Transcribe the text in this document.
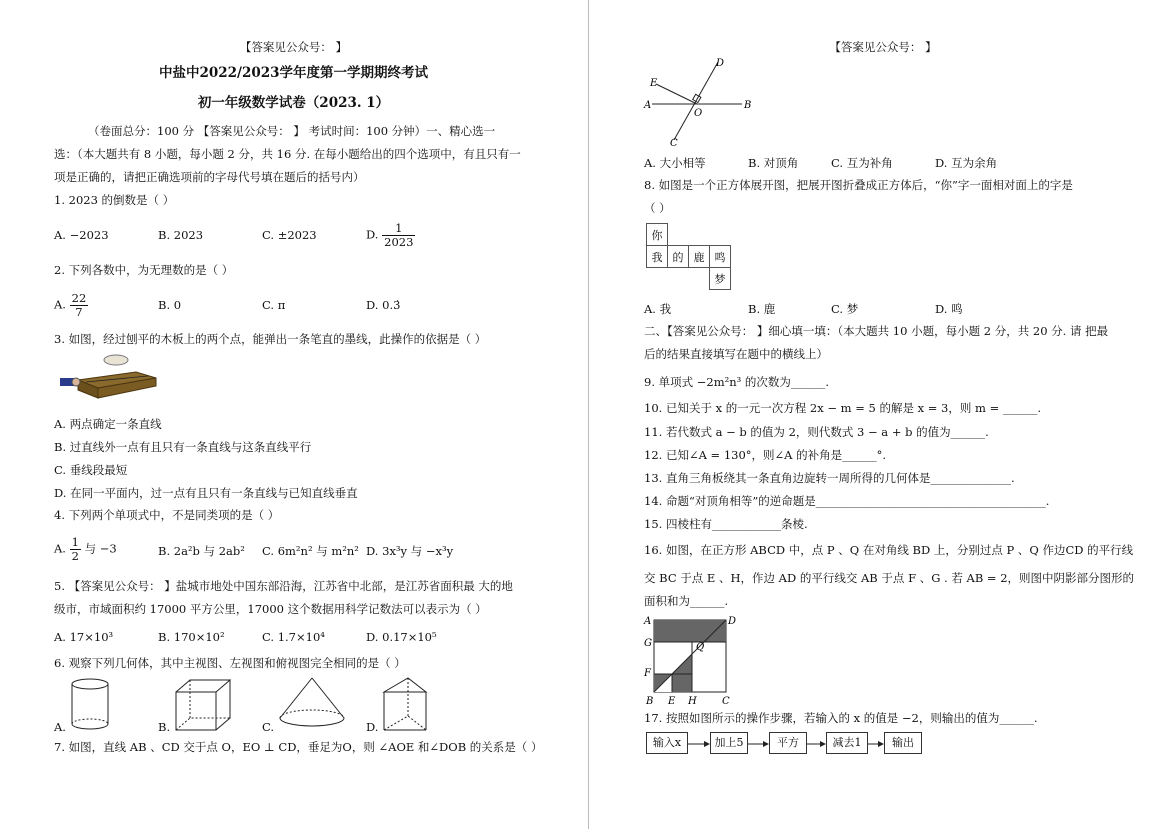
【答案见公众号： 】
中盐中2022/2023学年度第一学期期终考试
初一年级数学试卷（2023. 1）
（卷面总分：100 分 【答案见公众号： 】 考试时间：100 分钟）一、精心选一
选：（本大题共有 8 小题，每小题 2 分，共 16 分. 在每小题给出的四个选项中，有且只有一
项是正确的，请把正确选项前的字母代号填在题后的括号内）
1. 2023 的倒数是（ ）
A. −2023	B. 2023	C. ±2023	D. $\frac{1}{2023}$
2. 下列各数中，为无理数的是（ ）
A. $\frac{22}{7}$	B. 0	C. π	D. 0.3̇
3. 如图，经过刨平的木板上的两个点，能弹出一条笔直的墨线，此操作的依据是（ ）
A. 两点确定一条直线
B. 过直线外一点有且只有一条直线与这条直线平行
C. 垂线段最短
D. 在同一平面内，过一点有且只有一条直线与已知直线垂直
4. 下列两个单项式中，不是同类项的是（ ）
A. $\frac{1}{2}$ 与 −3	B. 2a²b 与 2ab² C. 6m²n² 与 m²n² D. 3x³y 与 −x³y
5. 【答案见公众号： 】盐城市地处中国东部沿海，江苏省中北部，是江苏省面积最 大的地
级市，市域面积约 17000 平方公里，17000 这个数据用科学记数法可以表示为（ ）
A. 17×10³	B. 170×10²	C. 1.7×10⁴	D. 0.17×10⁵
6. 观察下列几何体，其中主视图、左视图和俯视图完全相同的是（ ）
A.	B.	C.	D.
7. 如图，直线 AB 、CD 交于点 O，EO ⊥ CD，垂足为O，则 ∠AOE 和∠DOB 的关系是（ ）
【答案见公众号： 】
E
D
A
O
B
C
A. 大小相等	B. 对顶角	C. 互为补角	D. 互为余角
8. 如图是一个正方体展开图，把展开图折叠成正方体后，“你”字一面相对面上的字是
（ ）
你			
我	的	鹿	鸣
			梦
A. 我	B. 鹿	C. 梦	D. 鸣
二、【答案见公众号： 】细心填一填：（本大题共 10 小题，每小题 2 分，共 20 分. 请 把最
后的结果直接填写在题中的横线上）
9. 单项式 −2m²n³ 的次数为______.
10. 已知关于 x 的一元一次方程 2x − m = 5 的解是 x = 3，则 m = ______.
11. 若代数式 a − b 的值为 2，则代数式 3 − a + b 的值为______.
12. 已知∠A = 130°，则∠A 的补角是______°.
13. 直角三角板绕其一条直角边旋转一周所得的几何体是______________.
14. 命题“对顶角相等”的逆命题是________________________________________.
15. 四棱柱有____________条棱.
16. 如图，在正方形 ABCD 中，点 P 、Q 在对角线 BD 上，分别过点 P 、Q 作边CD 的平行线
交 BC 于点 E 、H，作边 AD 的平行线交 AB 于点 F 、G . 若 AB = 2，则图中阴影部分图形的
面积和为______.
A	D
G	Q
F
B E H	C
17. 按照如图所示的操作步骤，若输入的 x 的值是 −2，则输出的值为______.
输入x	加上5	平方	减去1	输出
